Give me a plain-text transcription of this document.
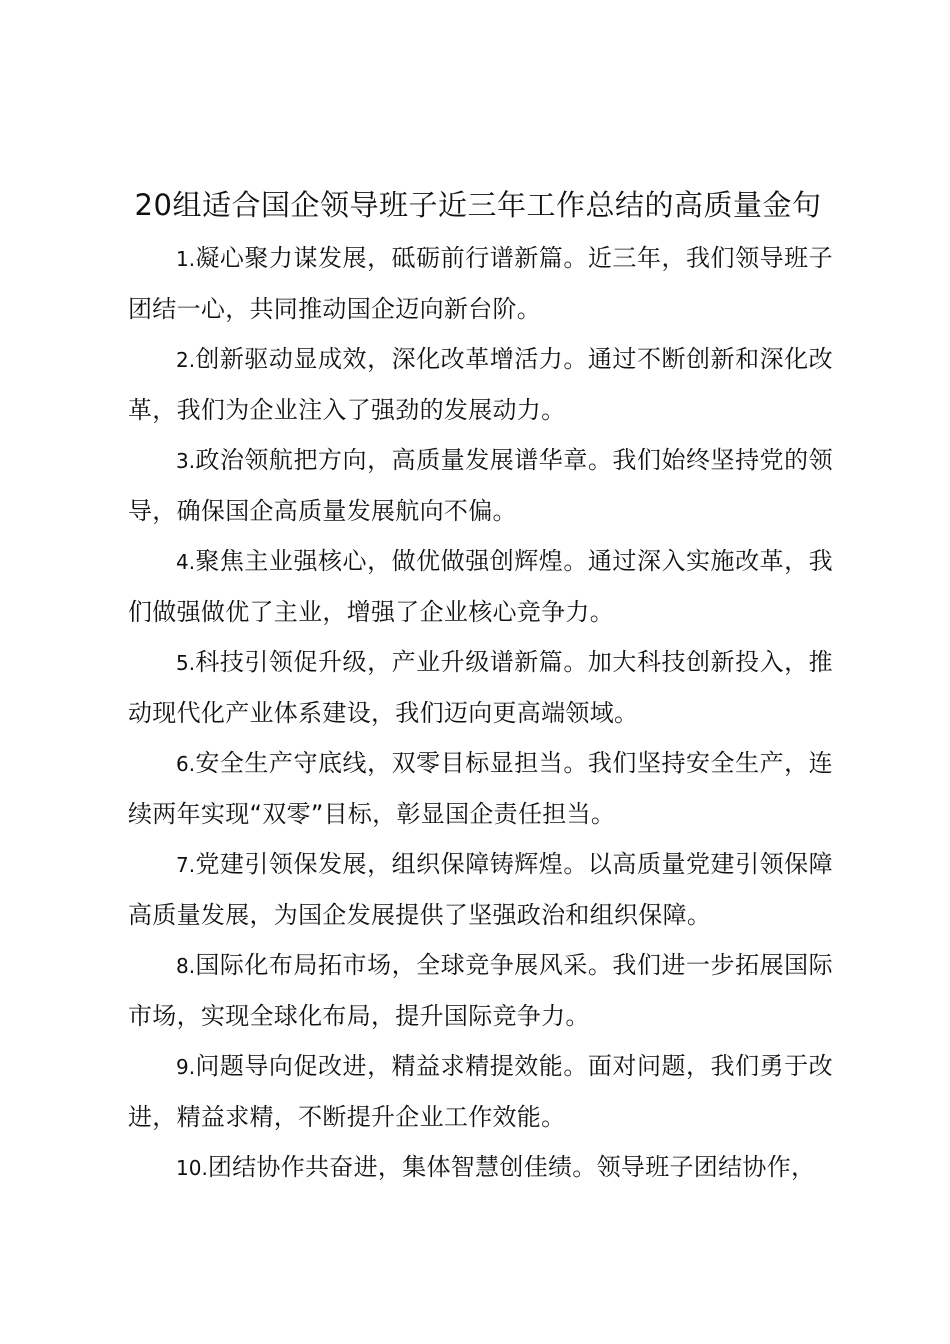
20组适合国企领导班子近三年工作总结的高质量金句
1.凝心聚力谋发展，砥砺前行谱新篇。近三年，我们领导班子团结一心，共同推动国企迈向新台阶。
2.创新驱动显成效，深化改革增活力。通过不断创新和深化改革，我们为企业注入了强劲的发展动力。
3.政治领航把方向，高质量发展谱华章。我们始终坚持党的领导，确保国企高质量发展航向不偏。
4.聚焦主业强核心，做优做强创辉煌。通过深入实施改革，我们做强做优了主业，增强了企业核心竞争力。
5.科技引领促升级，产业升级谱新篇。加大科技创新投入，推动现代化产业体系建设，我们迈向更高端领域。
6.安全生产守底线，双零目标显担当。我们坚持安全生产，连续两年实现“双零”目标，彰显国企责任担当。
7.党建引领保发展，组织保障铸辉煌。以高质量党建引领保障高质量发展，为国企发展提供了坚强政治和组织保障。
8.国际化布局拓市场，全球竞争展风采。我们进一步拓展国际市场，实现全球化布局，提升国际竞争力。
9.问题导向促改进，精益求精提效能。面对问题，我们勇于改进，精益求精，不断提升企业工作效能。
10.团结协作共奋进，集体智慧创佳绩。领导班子团结协作，
